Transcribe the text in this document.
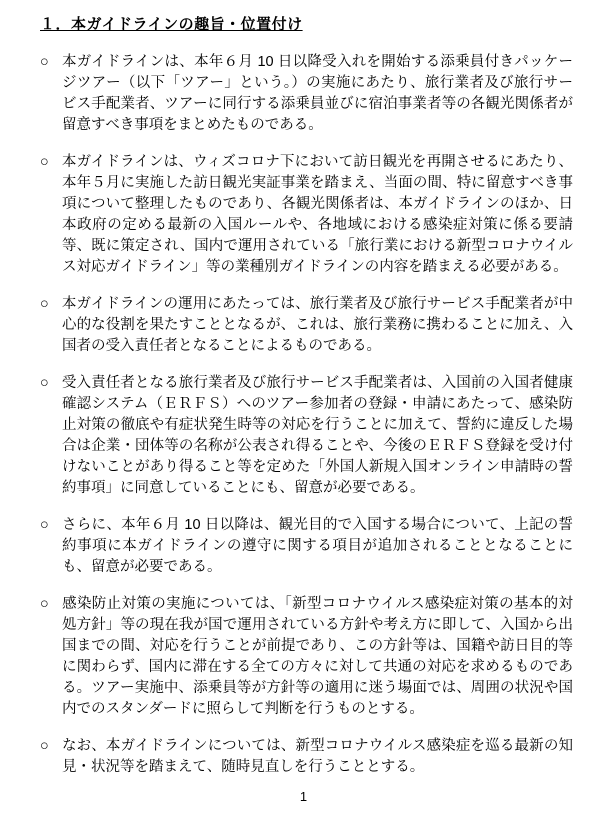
１．本ガイドラインの趣旨・位置付け
○ 本ガイドラインは、本年６月 10 日以降受入れを開始する添乗員付きパッケージツアー（以下「ツアー」という。）の実施にあたり、旅行業者及び旅行サービス手配業者、ツアーに同行する添乗員並びに宿泊事業者等の各観光関係者が留意すべき事項をまとめたものである。
○ 本ガイドラインは、ウィズコロナ下において訪日観光を再開させるにあたり、本年５月に実施した訪日観光実証事業を踏まえ、当面の間、特に留意すべき事項について整理したものであり、各観光関係者は、本ガイドラインのほか、日本政府の定める最新の入国ルールや、各地域における感染症対策に係る要請等、既に策定され、国内で運用されている「旅行業における新型コロナウイルス対応ガイドライン」等の業種別ガイドラインの内容を踏まえる必要がある。
○ 本ガイドラインの運用にあたっては、旅行業者及び旅行サービス手配業者が中心的な役割を果たすこととなるが、これは、旅行業務に携わることに加え、入国者の受入責任者となることによるものである。
○ 受入責任者となる旅行業者及び旅行サービス手配業者は、入国前の入国者健康確認システム（ＥＲＦＳ）へのツアー参加者の登録・申請にあたって、感染防止対策の徹底や有症状発生時等の対応を行うことに加えて、誓約に違反した場合は企業・団体等の名称が公表され得ることや、今後のＥＲＦＳ登録を受け付けないことがあり得ること等を定めた「外国人新規入国オンライン申請時の誓約事項」に同意していることにも、留意が必要である。
○ さらに、本年６月 10 日以降は、観光目的で入国する場合について、上記の誓約事項に本ガイドラインの遵守に関する項目が追加されることとなることにも、留意が必要である。
○ 感染防止対策の実施については、「新型コロナウイルス感染症対策の基本的対処方針」等の現在我が国で運用されている方針や考え方に即して、入国から出国までの間、対応を行うことが前提であり、この方針等は、国籍や訪日目的等に関わらず、国内に滞在する全ての方々に対して共通の対応を求めるものである。ツアー実施中、添乗員等が方針等の適用に迷う場面では、周囲の状況や国内でのスタンダードに照らして判断を行うものとする。
○ なお、本ガイドラインについては、新型コロナウイルス感染症を巡る最新の知見・状況等を踏まえて、随時見直しを行うこととする。
1
